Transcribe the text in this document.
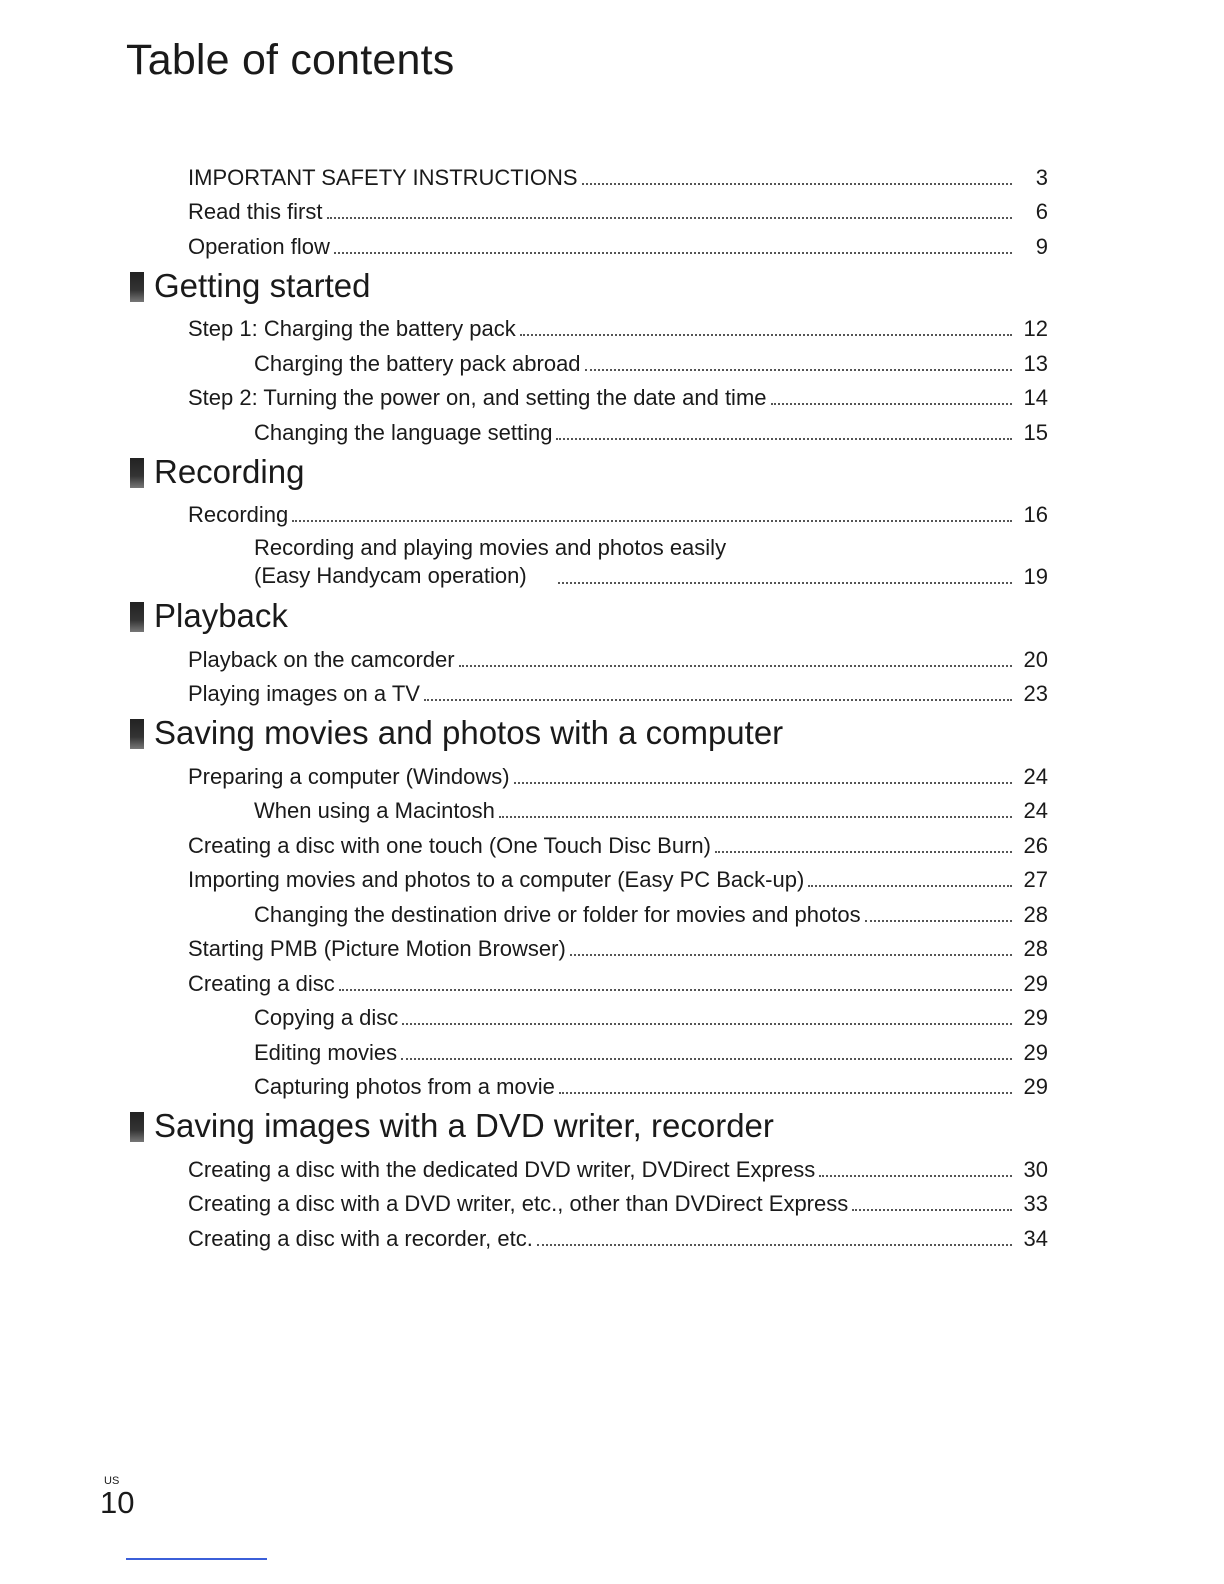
Table of contents
IMPORTANT SAFETY INSTRUCTIONS	3
Read this first	6
Operation flow	9
Getting started
Step 1: Charging the battery pack	12
Charging the battery pack abroad	13
Step 2: Turning the power on, and setting the date and time	14
Changing the language setting	15
Recording
Recording	16
Recording and playing movies and photos easily
(Easy Handycam operation)	19
Playback
Playback on the camcorder	20
Playing images on a TV	23
Saving movies and photos with a computer
Preparing a computer (Windows)	24
When using a Macintosh	24
Creating a disc with one touch (One Touch Disc Burn)	26
Importing movies and photos to a computer (Easy PC Back-up)	27
Changing the destination drive or folder for movies and photos	28
Starting PMB (Picture Motion Browser)	28
Creating a disc	29
Copying a disc	29
Editing movies	29
Capturing photos from a movie	29
Saving images with a DVD writer, recorder
Creating a disc with the dedicated DVD writer, DVDirect Express	30
Creating a disc with a DVD writer, etc., other than DVDirect Express	33
Creating a disc with a recorder, etc.	34
US
10
